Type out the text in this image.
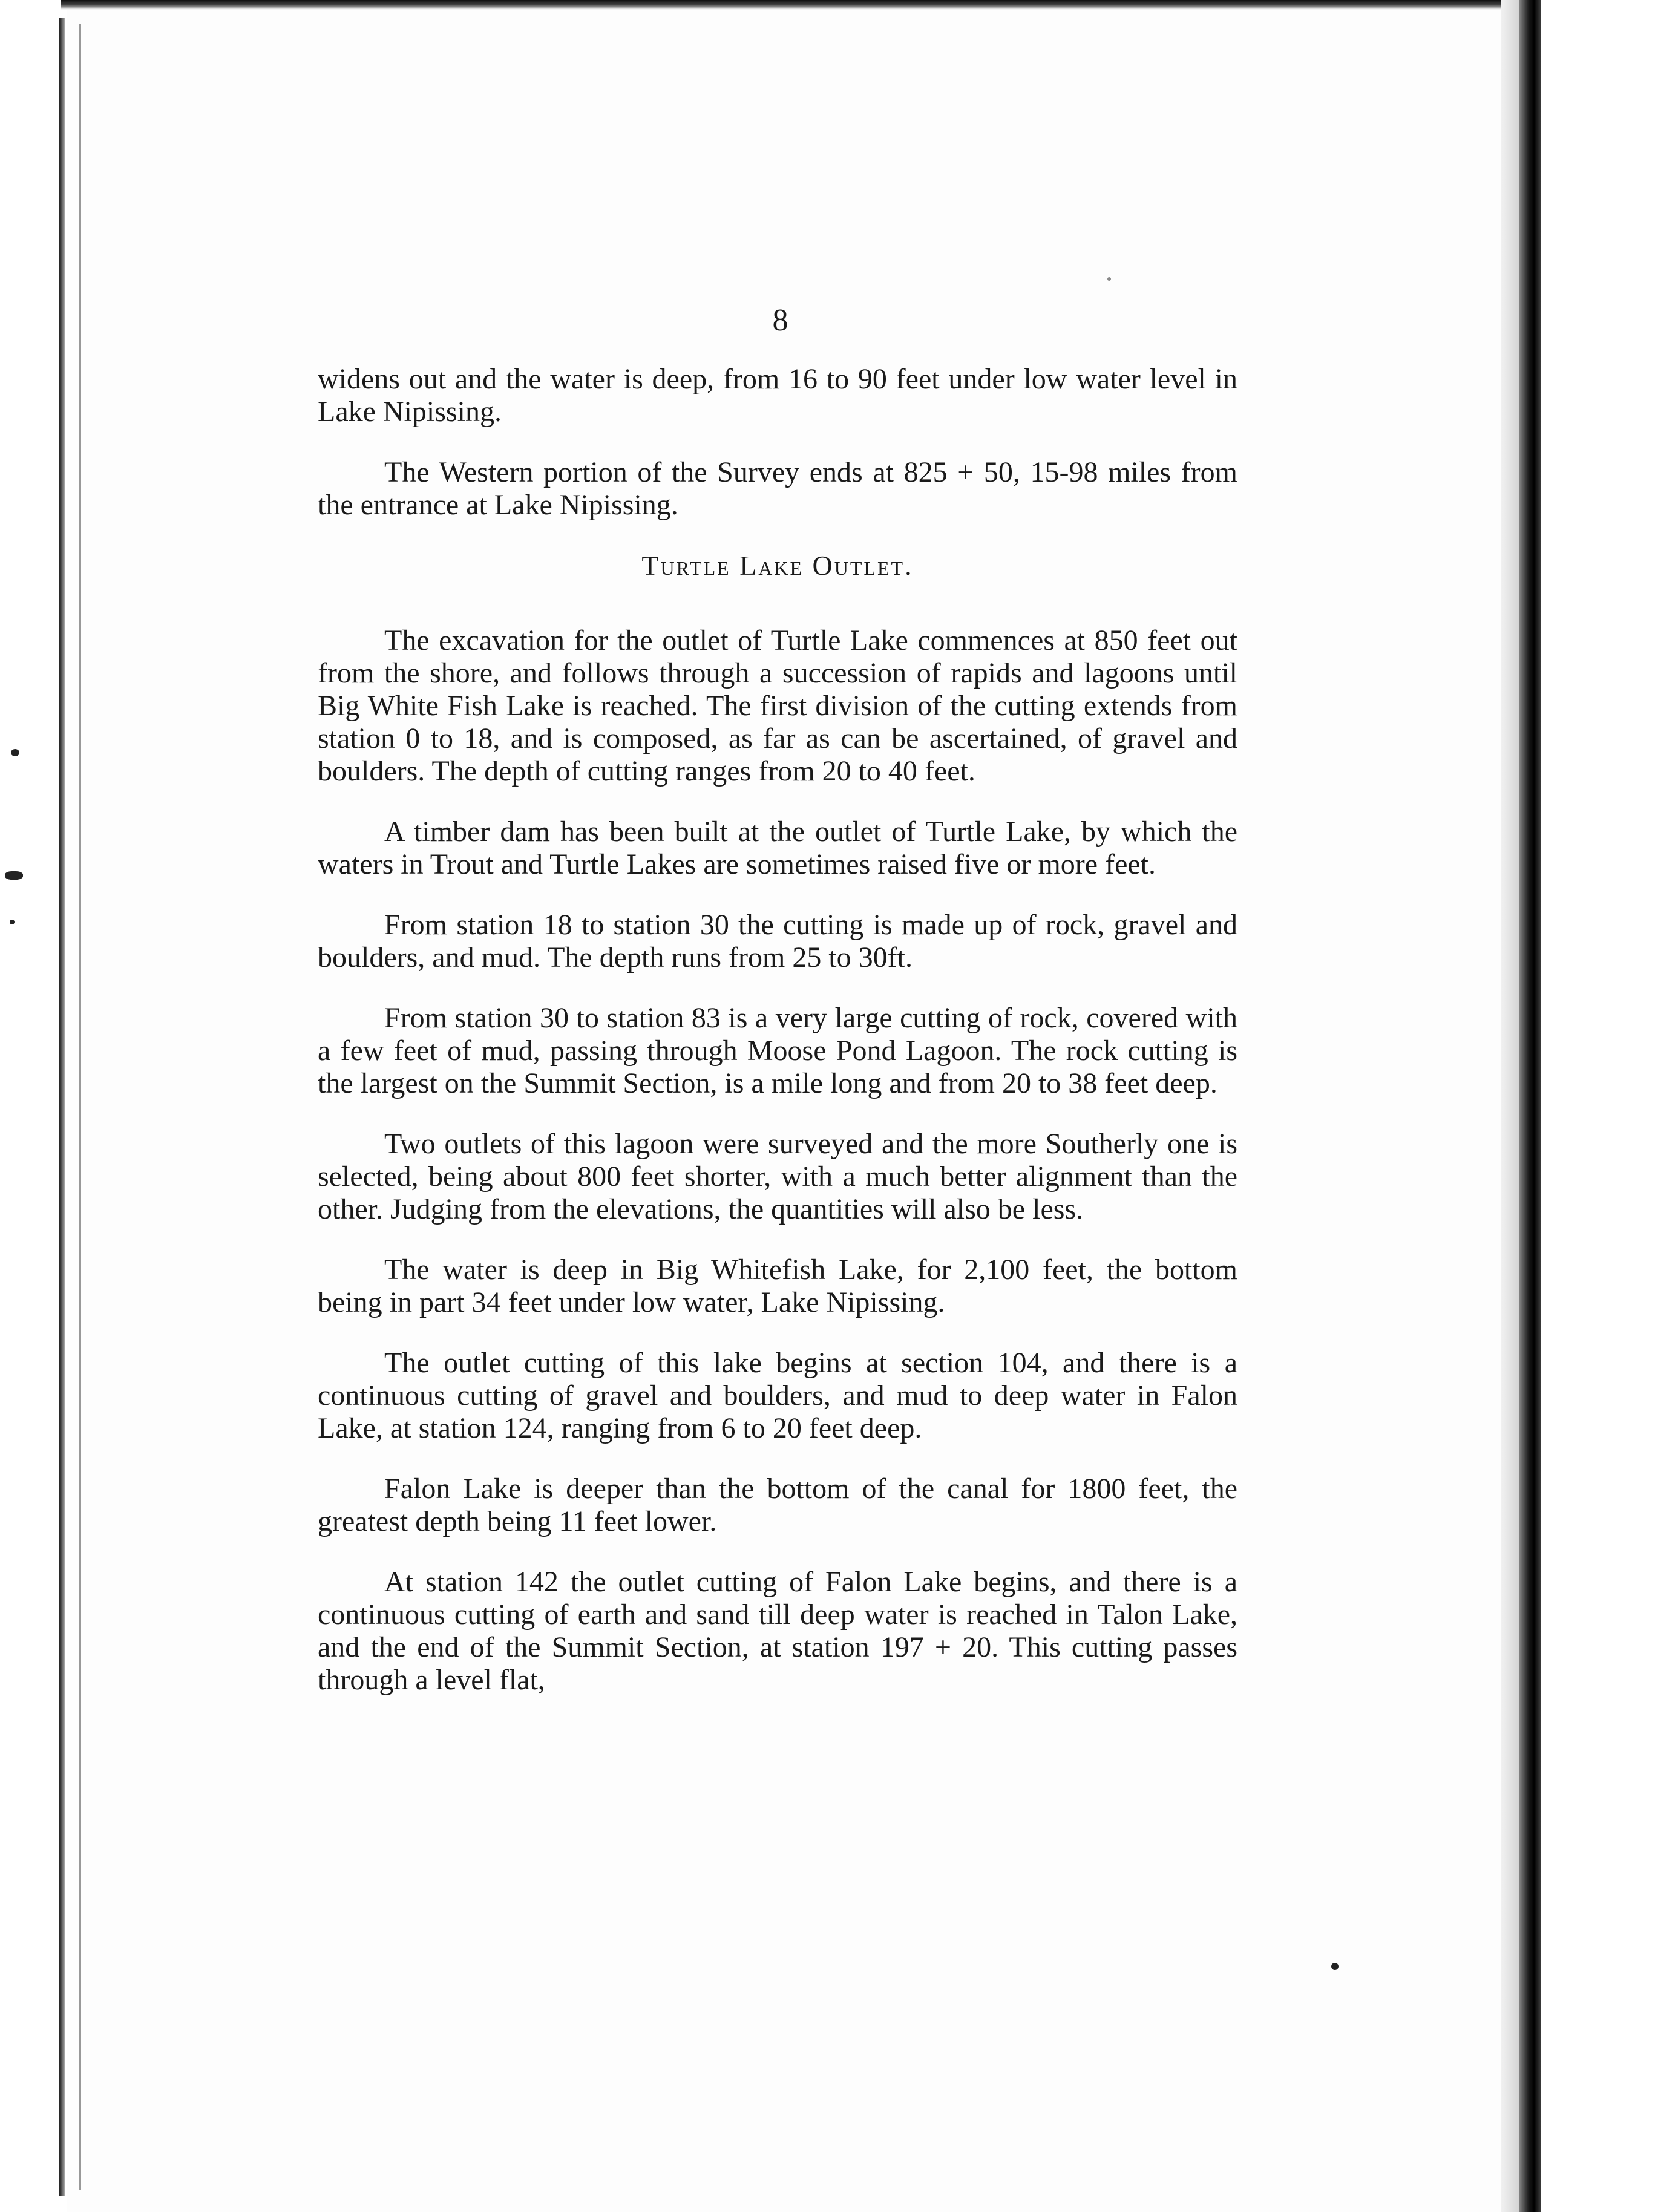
8

widens out and the water is deep, from 16 to 90 feet under low water level in Lake Nipissing.

The Western portion of the Survey ends at 825 + 50, 15-98 miles from the entrance at Lake Nipissing.

Turtle Lake Outlet.

The excavation for the outlet of Turtle Lake commences at 850 feet out from the shore, and follows through a succession of rapids and lagoons until Big White Fish Lake is reached. The first division of the cutting extends from station 0 to 18, and is composed, as far as can be ascertained, of gravel and boulders. The depth of cutting ranges from 20 to 40 feet.

A timber dam has been built at the outlet of Turtle Lake, by which the waters in Trout and Turtle Lakes are sometimes raised five or more feet.

From station 18 to station 30 the cutting is made up of rock, gravel and boulders, and mud. The depth runs from 25 to 30ft.

From station 30 to station 83 is a very large cutting of rock, covered with a few feet of mud, passing through Moose Pond Lagoon. The rock cutting is the largest on the Summit Section, is a mile long and from 20 to 38 feet deep.

Two outlets of this lagoon were surveyed and the more Southerly one is selected, being about 800 feet shorter, with a much better alignment than the other. Judging from the elevations, the quantities will also be less.

The water is deep in Big Whitefish Lake, for 2,100 feet, the bottom being in part 34 feet under low water, Lake Nipissing.

The outlet cutting of this lake begins at section 104, and there is a continuous cutting of gravel and boulders, and mud to deep water in Falon Lake, at station 124, ranging from 6 to 20 feet deep.

Falon Lake is deeper than the bottom of the canal for 1800 feet, the greatest depth being 11 feet lower.

At station 142 the outlet cutting of Falon Lake begins, and there is a continuous cutting of earth and sand till deep water is reached in Talon Lake, and the end of the Summit Section, at station 197 + 20. This cutting passes through a level flat,
